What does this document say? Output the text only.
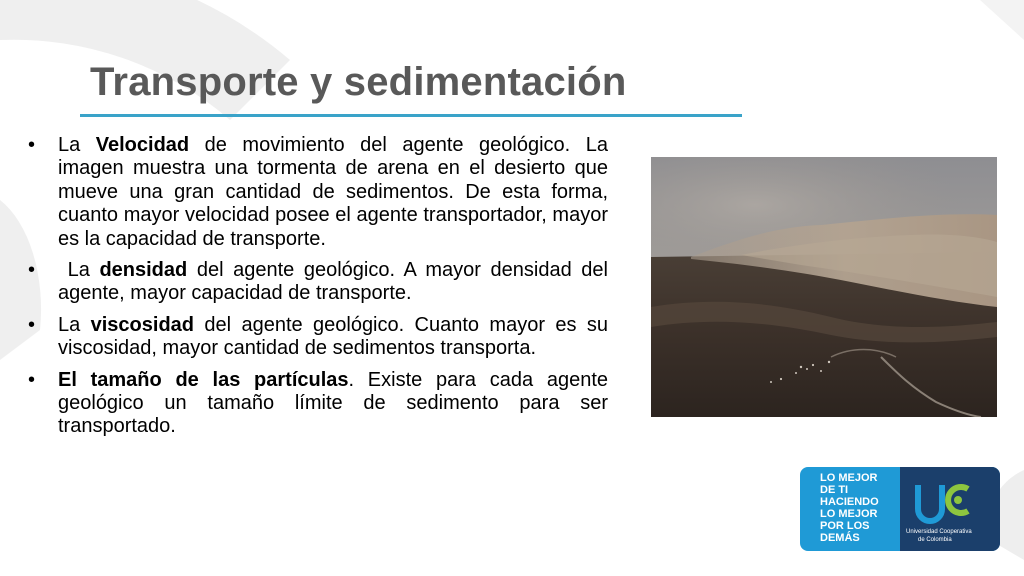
Transporte y sedimentación
• La Velocidad de movimiento del agente geológico. La imagen muestra una tormenta de arena en el desierto que mueve una gran cantidad de sedimentos. De esta forma, cuanto mayor velocidad posee el agente transportador, mayor es la capacidad de transporte.
• La densidad del agente geológico. A mayor densidad del agente, mayor capacidad de transporte.
• La viscosidad del agente geológico. Cuanto mayor es su viscosidad, mayor cantidad de sedimentos transporta.
• El tamaño de las partículas. Existe para cada agente geológico un tamaño límite de sedimento para ser transportado.
LO MEJOR
DE TI
HACIENDO
LO MEJOR
POR LOS
DEMÁS	Universidad Cooperativa
de Colombia
